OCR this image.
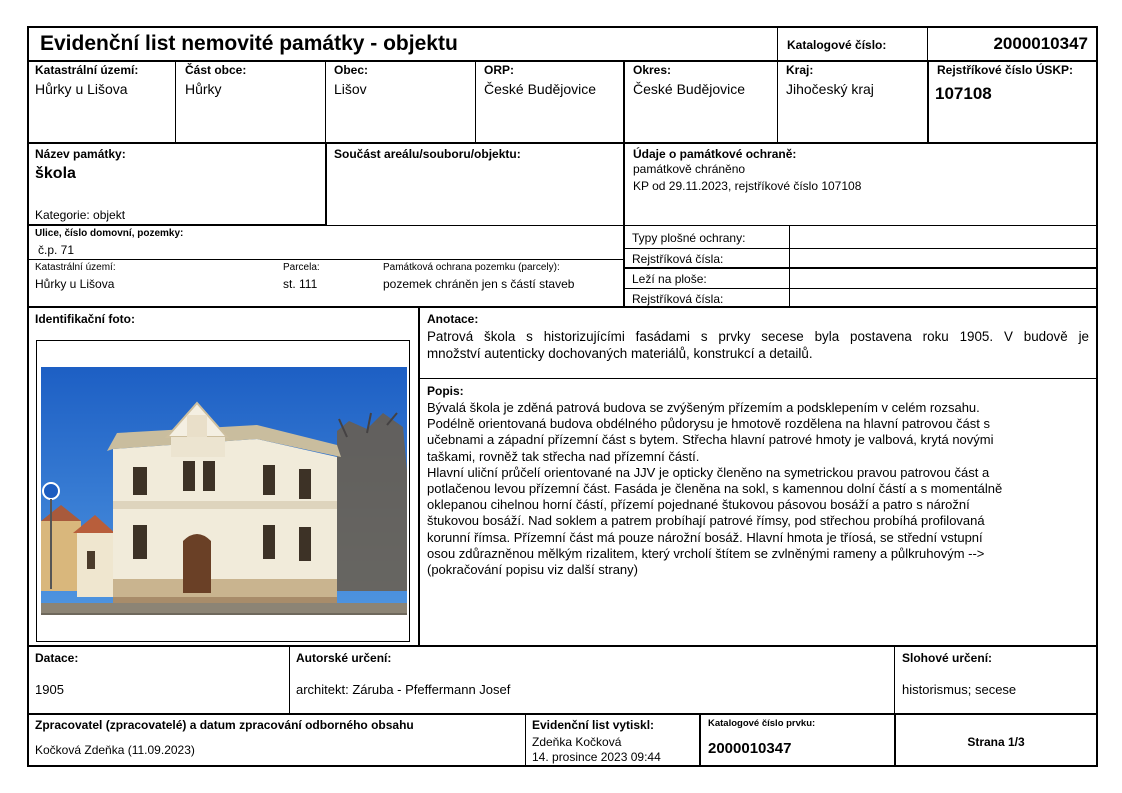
Evidenční list nemovité památky - objektu	Katalogové číslo:	2000010347
Katastrální území:
Hůrky u Lišova
Část obce:
Hůrky
Obec:
Lišov
ORP:
České Budějovice
Okres:
České Budějovice
Kraj:
Jihočeský kraj
Rejstříkové číslo ÚSKP:
107108
Název památky:
škola
Kategorie: objekt
Součást areálu/souboru/objektu:	Údaje o památkové ochraně:
památkově chráněno
KP od 29.11.2023, rejstříkové číslo 107108
Ulice, číslo domovní, pozemky:
č.p. 71
Katastrální území:
Hůrky u Lišova
Parcela:
st. 111
Památková ochrana pozemku (parcely):
pozemek chráněn jen s částí staveb
Typy plošné ochrany:
Rejstříková čísla:
Leží na ploše:
Rejstříková čísla:
Identifikační foto:	Anotace:
Patrová škola s historizujícími fasádami s prvky secese byla postavena roku 1905. V budově je
množství autenticky dochovaných materiálů, konstrukcí a detailů.
Popis:
Bývalá škola je zděná patrová budova se zvýšeným přízemím a podsklepením v celém rozsahu.
Podélně orientovaná budova obdélného půdorysu je hmotově rozdělena na hlavní patrovou část s
učebnami a západní přízemní část s bytem. Střecha hlavní patrové hmoty je valbová, krytá novými
taškami, rovněž tak střecha nad přízemní částí.
Hlavní uliční průčelí orientované na JJV je opticky členěno na symetrickou pravou patrovou část a
potlačenou levou přízemní část. Fasáda je členěna na sokl, s kamennou dolní částí a s momentálně
oklepanou cihelnou horní částí, přízemí pojednané štukovou pásovou bosáží a patro s nárožní
štukovou bosáží. Nad soklem a patrem probíhají patrové římsy, pod střechou probíhá profilovaná
korunní římsa. Přízemní část má pouze nárožní bosáž. Hlavní hmota je tříosá, se střední vstupní
osou zdůrazněnou mělkým rizalitem, který vrcholí štítem se zvlněnými rameny a půlkruhovým -->
(pokračování popisu viz další strany)
Datace:
1905
Autorské určení:
architekt: Záruba - Pfeffermann Josef
Slohové určení:
historismus; secese
Zpracovatel (zpracovatelé) a datum zpracování odborného obsahu
Kočková Zdeňka (11.09.2023)
Evidenční list vytiskl:
Zdeňka Kočková
14. prosince 2023 09:44
Katalogové číslo prvku:
2000010347	Strana 1/3
